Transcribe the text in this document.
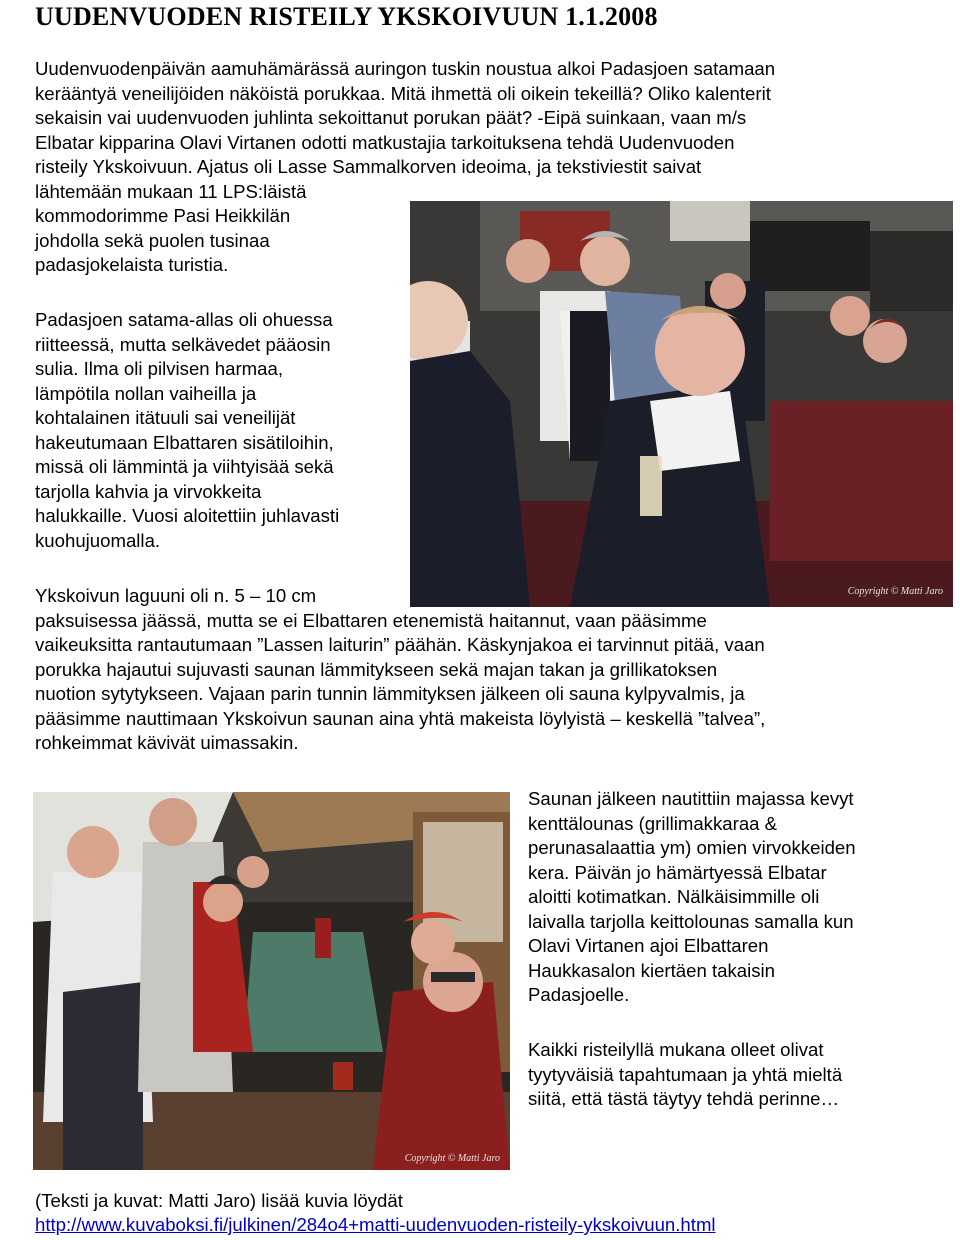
UUDENVUODEN RISTEILY YKSKOIVUUN 1.1.2008
Uudenvuodenpäivän aamuhämärässä auringon tuskin noustua alkoi Padasjoen satamaan
kerääntyä veneilijöiden näköistä porukkaa. Mitä ihmettä oli oikein tekeillä? Oliko kalenterit
sekaisin vai uudenvuoden juhlinta sekoittanut porukan päät? -Eipä suinkaan, vaan m/s
Elbatar kipparina Olavi Virtanen odotti matkustajia tarkoituksena tehdä Uudenvuoden
risteily Ykskoivuun. Ajatus oli Lasse Sammalkorven ideoima, ja tekstiviestit saivat
lähtemään mukaan 11 LPS:läistä
kommodorimme Pasi Heikkilän
johdolla sekä puolen tusinaa
padasjokelaista turistia.
Padasjoen satama-allas oli ohuessa
riitteessä, mutta selkävedet pääosin
sulia. Ilma oli pilvisen harmaa,
lämpötila nollan vaiheilla ja
kohtalainen itätuuli sai veneilijät
hakeutumaan Elbattaren sisätiloihin,
missä oli lämmintä ja viihtyisää sekä
tarjolla kahvia ja virvokkeita
halukkaille. Vuosi aloitettiin juhlavasti
kuohujuomalla.
Copyright © Matti Jaro
Ykskoivun laguuni oli n. 5 – 10 cm
paksuisessa jäässä, mutta se ei Elbattaren etenemistä haitannut, vaan pääsimme
vaikeuksitta rantautumaan ”Lassen laiturin” päähän. Käskynjakoa ei tarvinnut pitää, vaan
porukka hajautui sujuvasti saunan lämmitykseen sekä majan takan ja grillikatoksen
nuotion sytytykseen. Vajaan parin tunnin lämmityksen jälkeen oli sauna kylpyvalmis, ja
pääsimme nauttimaan Ykskoivun saunan aina yhtä makeista löylyistä – keskellä ”talvea”,
rohkeimmat kävivät uimassakin.
Copyright © Matti Jaro
Saunan jälkeen nautittiin majassa kevyt
kenttälounas (grillimakkaraa &
perunasalaattia ym) omien virvokkeiden
kera. Päivän jo hämärtyessä Elbatar
aloitti kotimatkan. Nälkäisimmille oli
laivalla tarjolla keittolounas samalla kun
Olavi Virtanen ajoi Elbattaren
Haukkasalon kiertäen takaisin
Padasjoelle.
Kaikki risteilyllä mukana olleet olivat
tyytyväisiä tapahtumaan ja yhtä mieltä
siitä, että tästä täytyy tehdä perinne…
(Teksti ja kuvat: Matti Jaro) lisää kuvia löydät
http://www.kuvaboksi.fi/julkinen/284o4+matti-uudenvuoden-risteily-ykskoivuun.html
